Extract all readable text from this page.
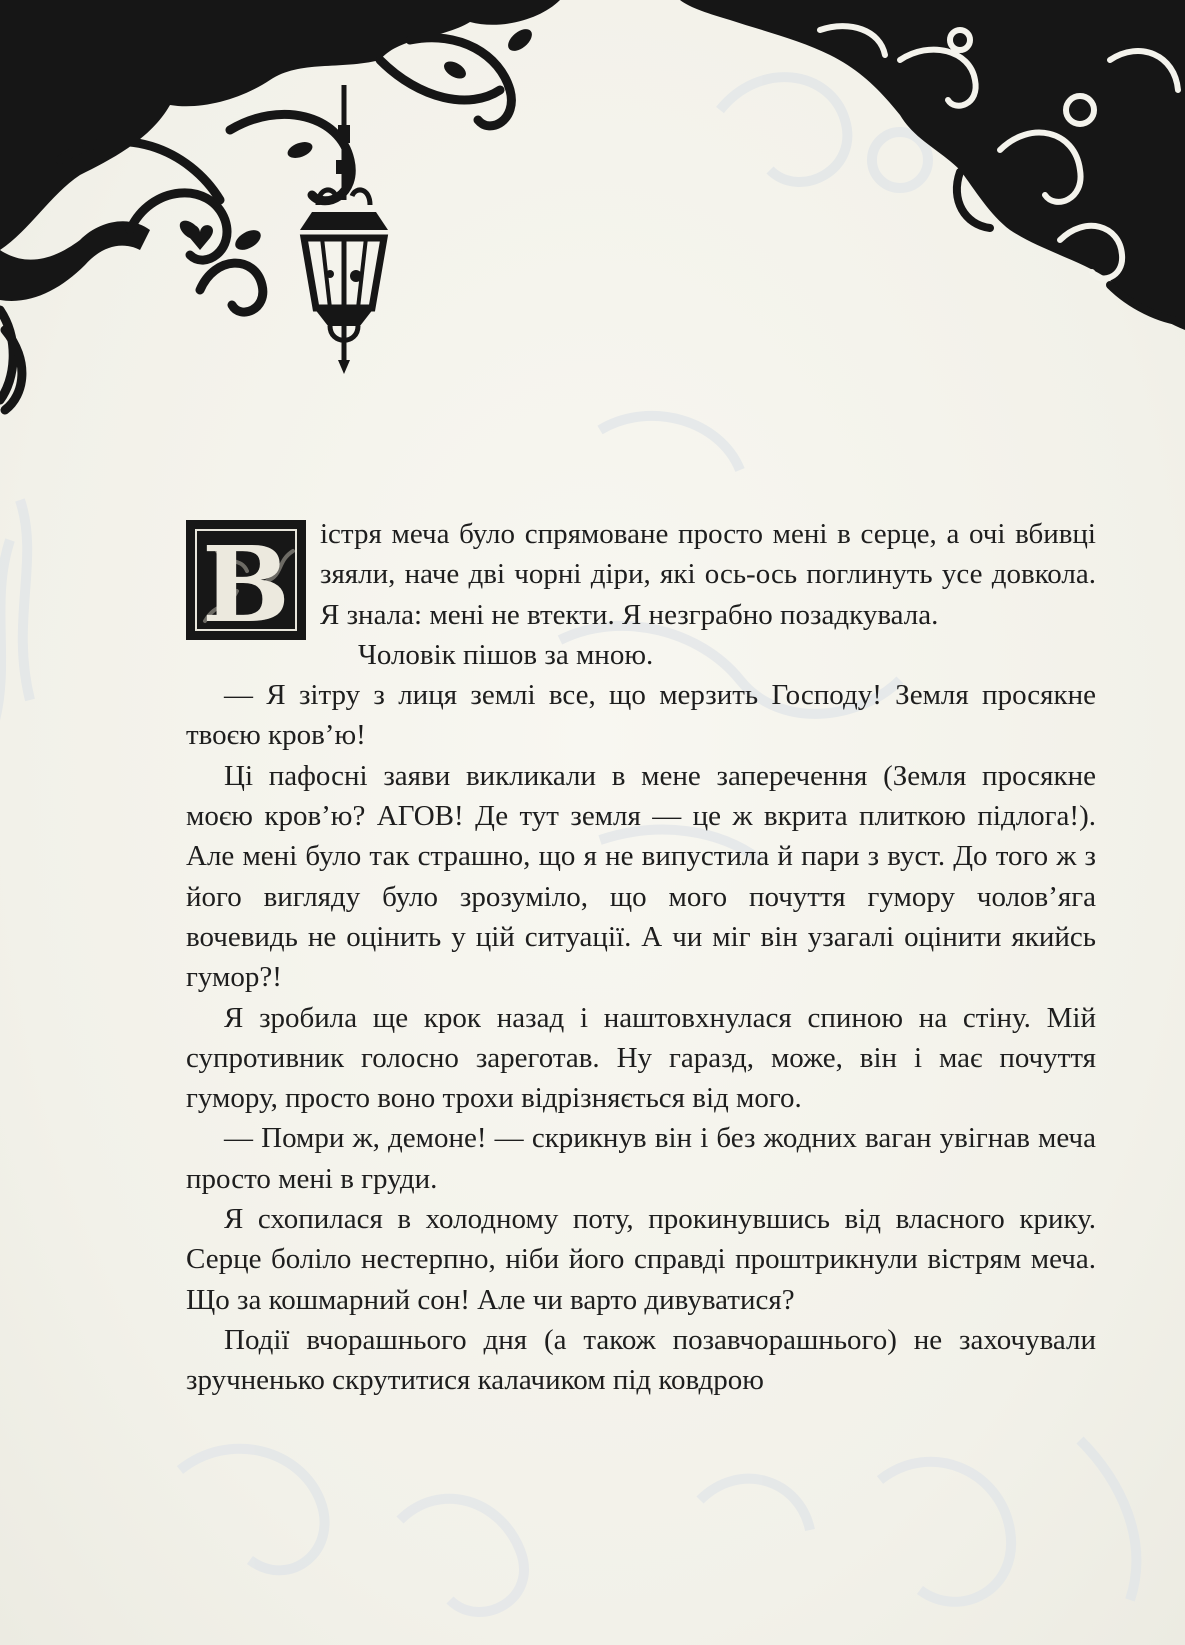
В	істря меча було спрямоване просто мені в серце, а очі вбивці зяяли, наче дві чорні діри, які ось-ось поглинуть усе довкола. Я знала: мені не втекти. Я незграбно позадкувала.

Чоловік пішов за мною.

— Я зітру з лиця землі все, що мерзить Господу! Земля просякне твоєю кров’ю!

Ці пафосні заяви викликали в мене заперечення (Земля просякне моєю кров’ю? АГОВ! Де тут земля — це ж вкрита плиткою підлога!). Але мені було так страшно, що я не випустила й пари з вуст. До того ж з його вигляду було зрозуміло, що мого почуття гумору чолов’яга вочевидь не оцінить у цій ситуації. А чи міг він узагалі оцінити якийсь гумор?!

Я зробила ще крок назад і наштовхнулася спиною на стіну. Мій супротивник голосно зареготав. Ну гаразд, може, він і має почуття гумору, просто воно трохи відрізняється від мого.

— Помри ж, демоне! — скрикнув він і без жодних ваган увігнав меча просто мені в груди.

Я схопилася в холодному поту, прокинувшись від власного крику. Серце боліло нестерпно, ніби його справді проштрикнули вістрям меча. Що за кошмарний сон! Але чи варто дивуватися?

Події вчорашнього дня (а також позавчорашнього) не захочували зручненько скрутитися калачиком під ковдрою
